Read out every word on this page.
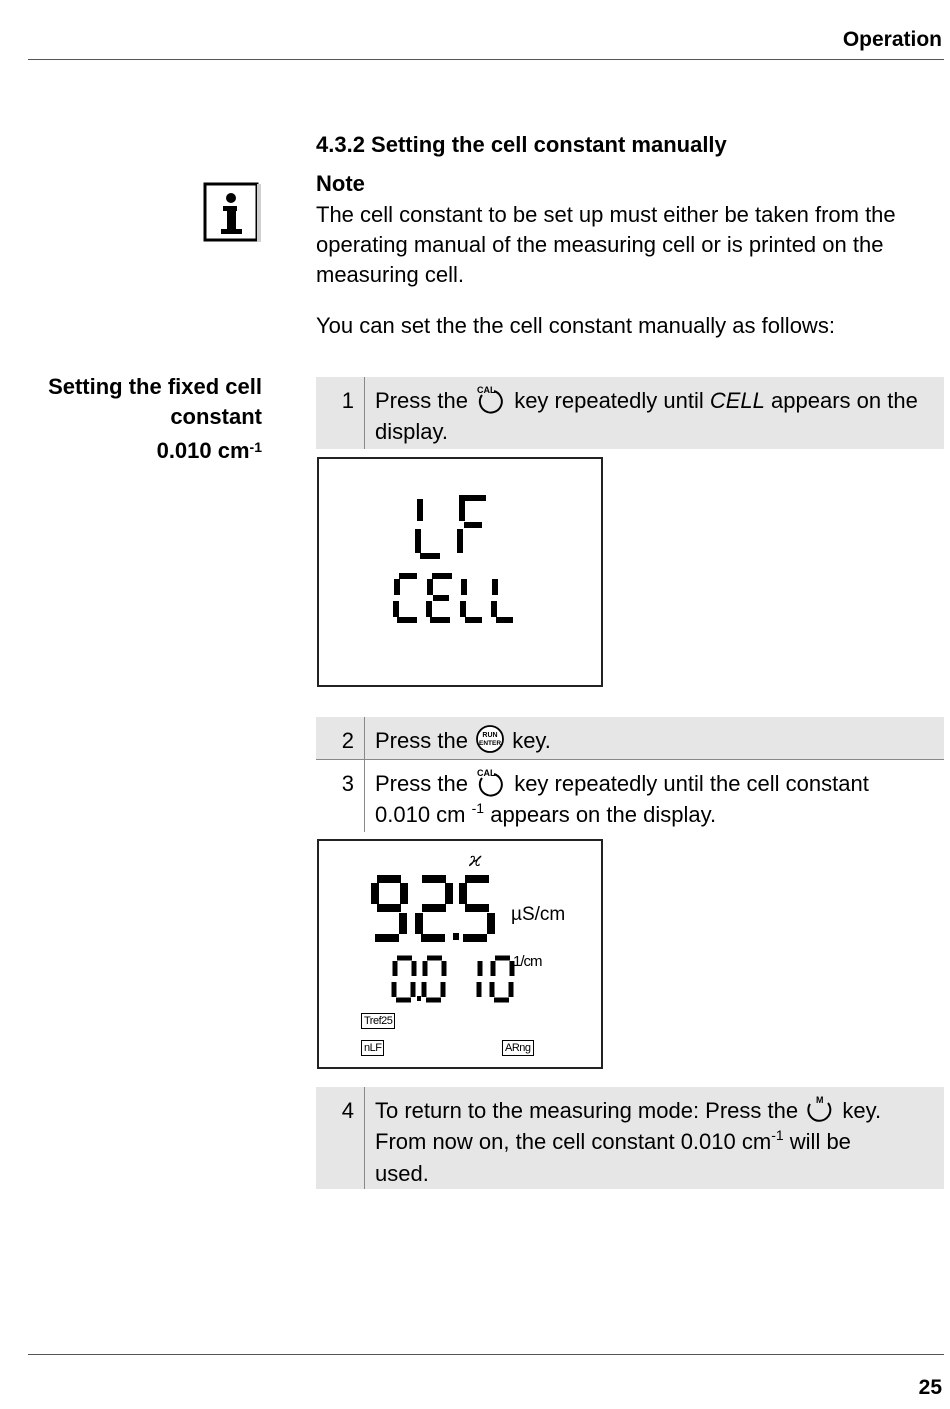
Operation
4.3.2 Setting the cell constant manually
Note
The cell constant to be set up must either be taken from the operating manual of the measuring cell or is printed on the measuring cell.
You can set the the cell constant manually as follows:
Setting the fixed cell
constant
0.010 $cm^{-1}$
1 Press the CAL key repeatedly until CELL appears on the display.
2 Press the RUN
ENTER key.
3 Press the CAL key repeatedly until the cell constant
0.010 cm $^{-1}$ appears on the display.
ϰ
µS/cm
1/cm
Tref25
nLF	ARng
4 To return to the measuring mode: Press the M key.
From now on, the cell constant 0.010 $cm^{-1}$ will be
used.
25
